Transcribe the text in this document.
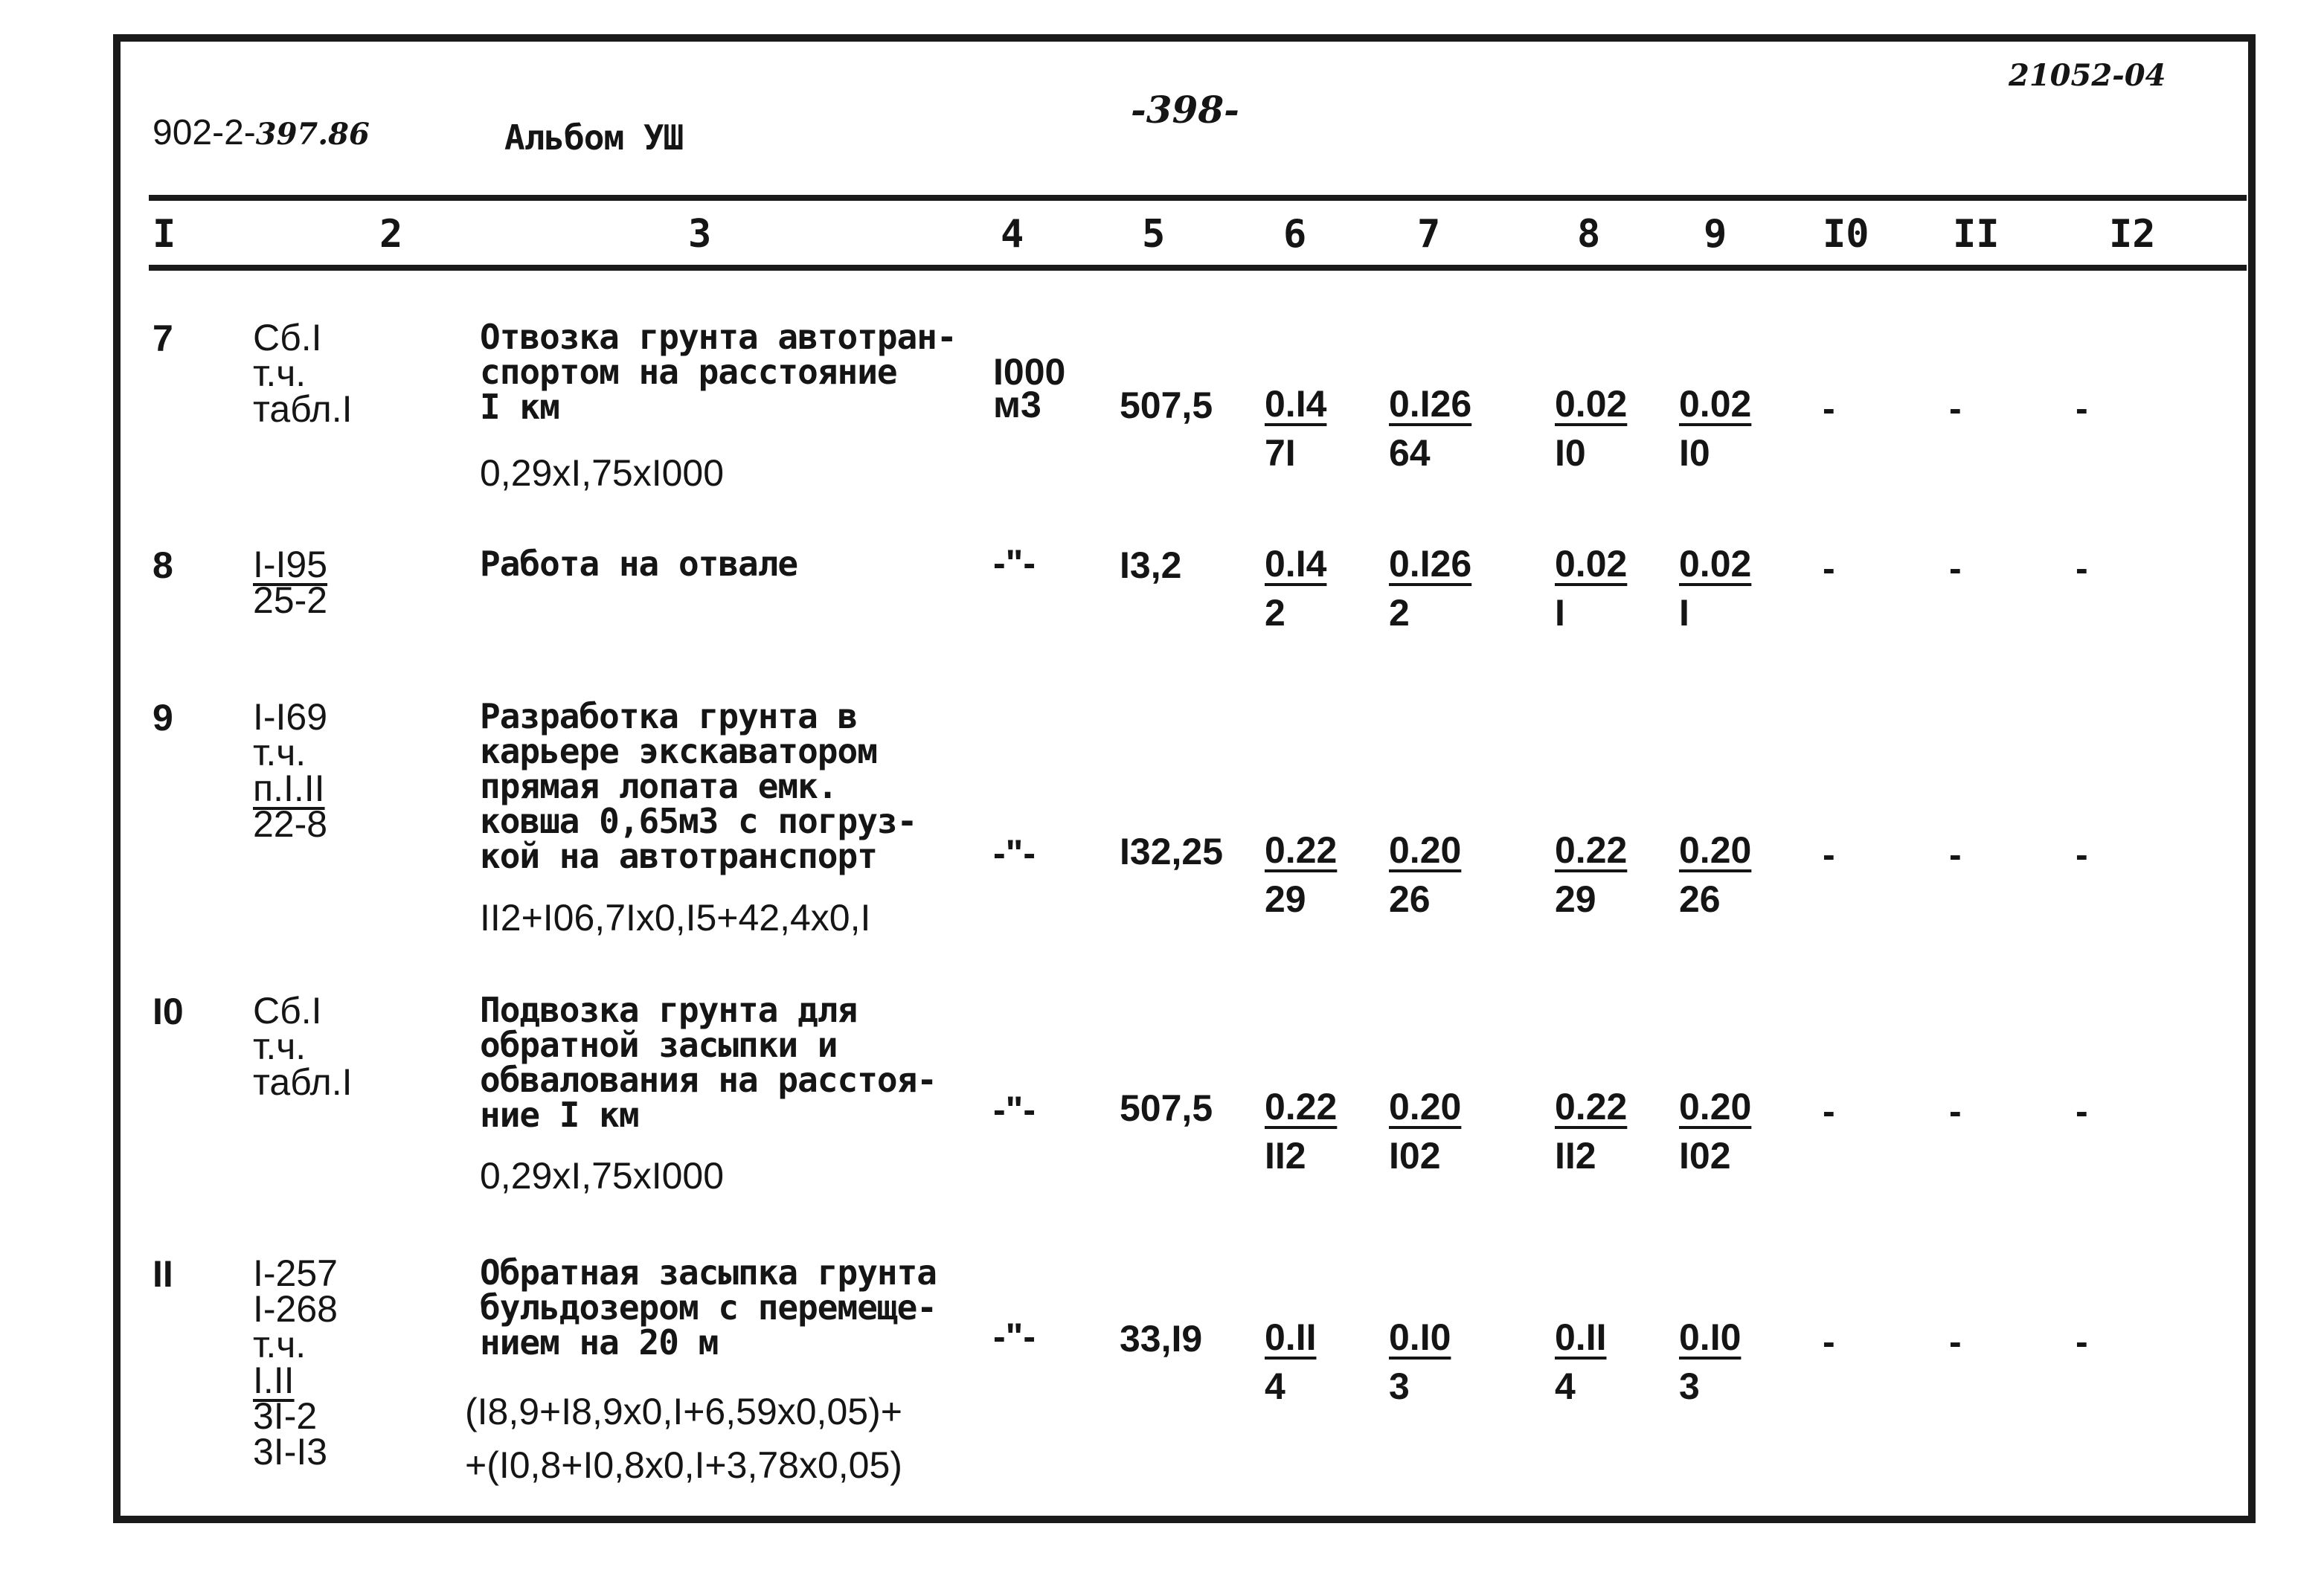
902-2-397.86	Альбом УШ
-398-
21052-04
I	2	3	4	5	6	7	8	9 I0 II	I2
7 Сб.I
т.ч.
табл.I
Отвозка грунта автотран-
спортом на расстояние
I км
0,29xI,75xI000
I000
м3	$507,5 \frac{0.I4}{7I} \frac{0.I26}{64} \frac{0.02}{I0} \frac{0.02}{I0}$ -	-	-
8 I-I95
25-2
Работа на отвале	-"- $I3,2 \frac{0.I4}{2} \frac{0.I26}{2} \frac{0.02}{I} \frac{0.02}{I}$ -	-	-
9 I-I69
т.ч.
п.I.II
22-8
Разработка грунта в
карьере экскаватором
прямая лопата емк.
ковша 0,65м3 с погруз-
кой на автотранспорт
II2+I06,7Ix0,I5+42,4x0,I
-"- $I32,25 \frac{0.22}{29} \frac{0.20}{26}$	$\frac{0.22}{29} \frac{0.20}{26}$ -	-	-
I0 Сб.I
т.ч.
табл.I
Подвозка грунта для
обратной засыпки и
обвалования на расстоя-
ние I км
0,29xI,75xI000
-"- $507,5 \frac{0.22}{II2} \frac{0.20}{I02}$	$\frac{0.22}{II2} \frac{0.20}{I02}$ -	-	-
II I-257
I-268
т.ч.
I.II
3I-2
3I-I3
Обратная засыпка грунта
бульдозером с перемеще-
нием на 20 м
(I8,9+I8,9x0,I+6,59x0,05)+
+(I0,8+I0,8x0,I+3,78x0,05)
-"- $33,I9 \frac{0.II}{4} \frac{0.I0}{3}$	$\frac{0.II}{4} \frac{0.I0}{3}$ -	-	-
